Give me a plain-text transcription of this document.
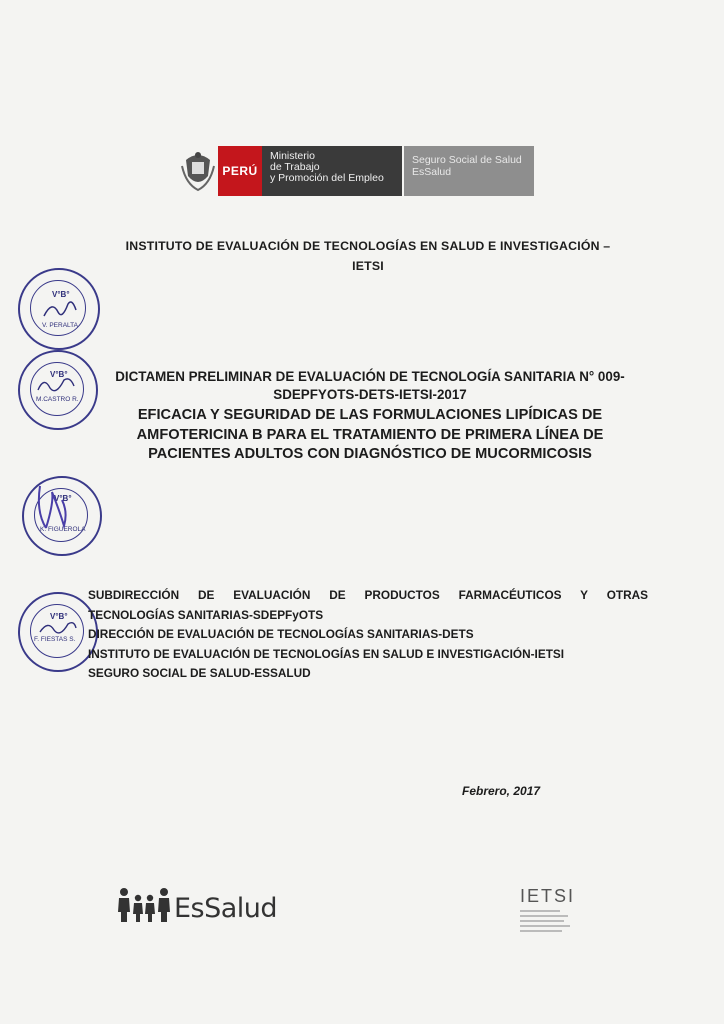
PERÚ
Ministerio
de Trabajo
y Promoción del Empleo
Seguro Social de Salud
EsSalud
INSTITUTO DE EVALUACIÓN DE TECNOLOGÍAS EN SALUD E INVESTIGACIÓN –
IETSI
V°B°
V. PERALTA
V°B°
M.CASTRO R.
DICTAMEN PRELIMINAR DE EVALUACIÓN DE TECNOLOGÍA SANITARIA N° 009-
SDEPFYOTS-DETS-IETSI-2017
EFICACIA Y SEGURIDAD DE LAS FORMULACIONES LIPÍDICAS DE
AMFOTERICINA B PARA EL TRATAMIENTO DE PRIMERA LÍNEA DE
PACIENTES ADULTOS CON DIAGNÓSTICO DE MUCORMICOSIS
V°B°
K. FIGUEROLA
V°B°
F. FIESTAS S.
SUBDIRECCIÓN DE EVALUACIÓN DE PRODUCTOS FARMACÉUTICOS Y OTRAS
TECNOLOGÍAS SANITARIAS-SDEPFyOTS
DIRECCIÓN DE EVALUACIÓN DE TECNOLOGÍAS SANITARIAS-DETS
INSTITUTO DE EVALUACIÓN DE TECNOLOGÍAS EN SALUD E INVESTIGACIÓN-IETSI
SEGURO SOCIAL DE SALUD-ESSALUD
Febrero, 2017
EsSalud	IETSI
